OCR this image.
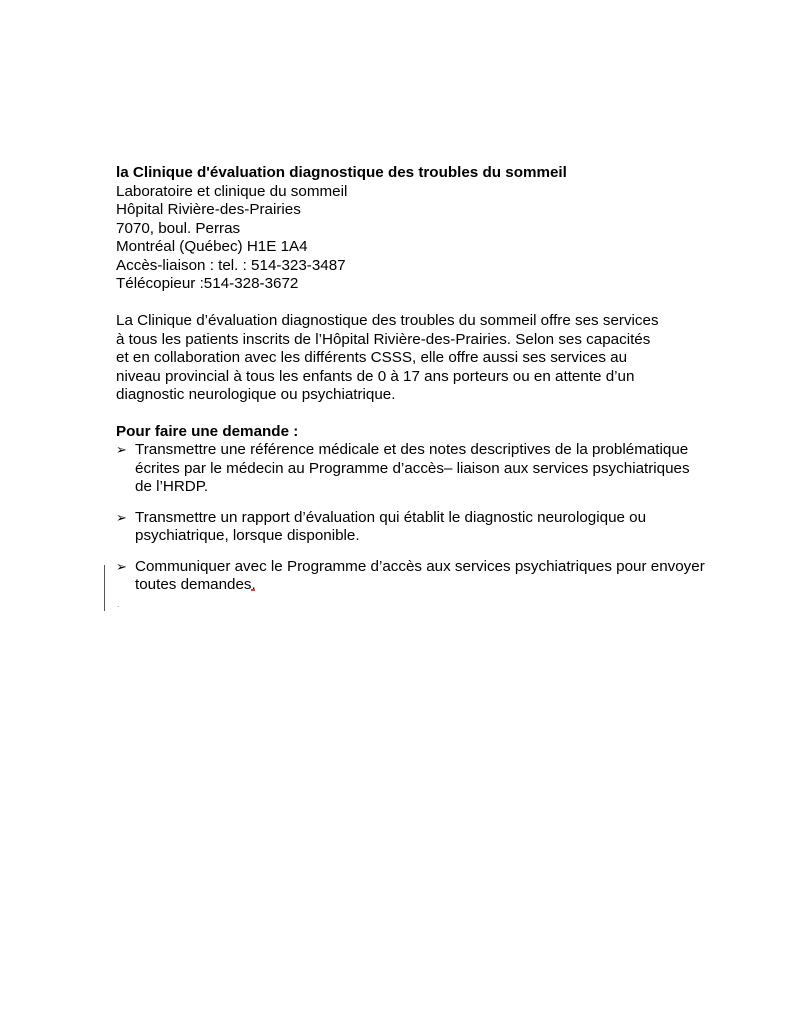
la Clinique d'évaluation diagnostique des troubles du sommeil

Laboratoire et clinique du sommeil

Hôpital Rivière-des-Prairies

7070, boul. Perras

Montréal (Québec) H1E 1A4

Accès-liaison : tel. : 514-323-3487

Télécopieur :514-328-3672

La Clinique d’évaluation diagnostique des troubles du sommeil offre ses services
à tous les patients inscrits de l’Hôpital Rivière-des-Prairies. Selon ses capacités
et en collaboration avec les différents CSSS, elle offre aussi ses services au
niveau provincial à tous les enfants de 0 à 17 ans porteurs ou en attente d’un
diagnostic neurologique ou psychiatrique.

Pour faire une demande :

➢ Transmettre une référence médicale et des notes descriptives de la problématique
écrites par le médecin au Programme d’accès– liaison aux services psychiatriques
de l’HRDP.
➢ Transmettre un rapport d’évaluation qui établit le diagnostic neurologique ou
psychiatrique, lorsque disponible.
➢ Communiquer avec le Programme d’accès aux services psychiatriques pour envoyer
toutes demandes.
.
